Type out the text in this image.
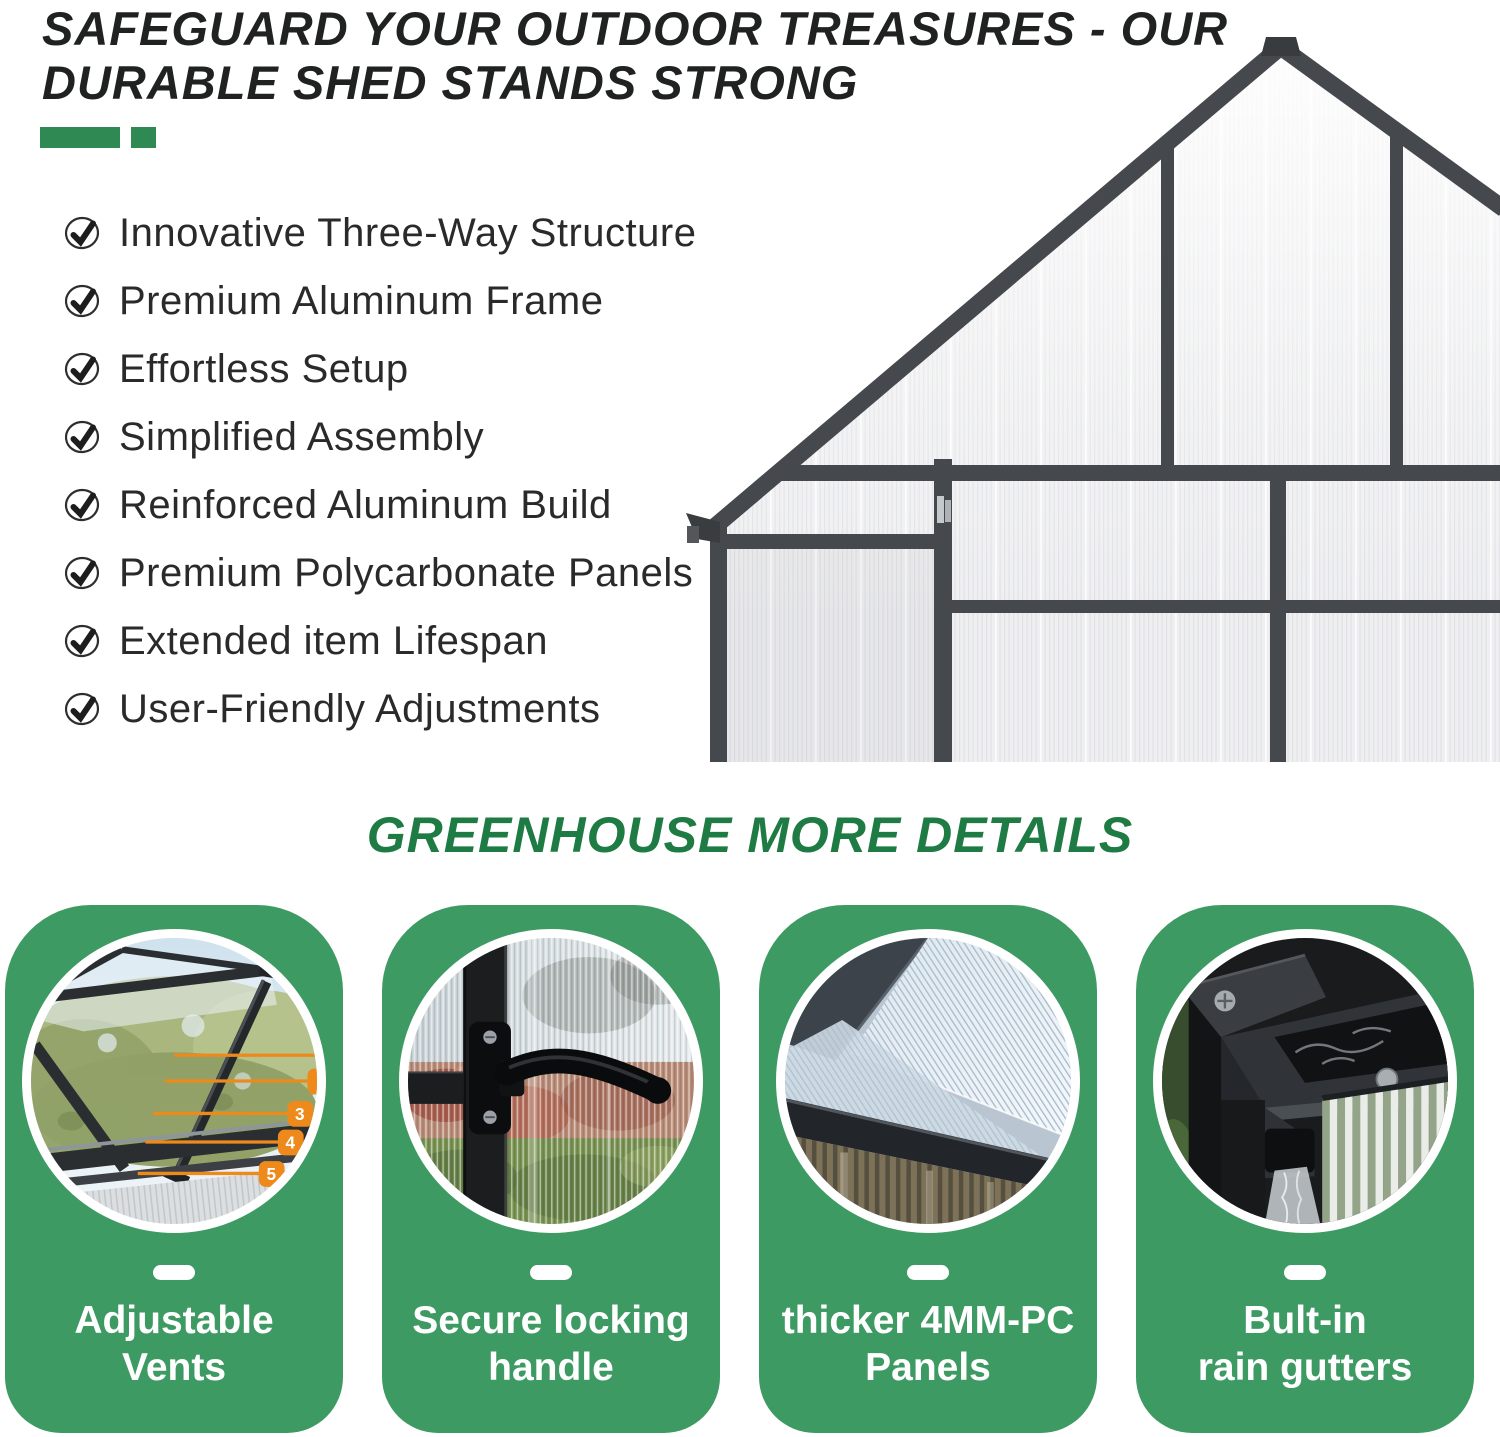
SAFEGUARD YOUR OUTDOOR TREASURES - OUR
DURABLE SHED STANDS STRONG
Innovative Three-Way Structure
Premium Aluminum Frame
Effortless Setup
Simplified Assembly
Reinforced Aluminum Build
Premium Polycarbonate Panels
Extended item Lifespan
User-Friendly Adjustments
GREENHOUSE MORE DETAILS
3
4
5
Adjustable
Vents
Secure locking
handle
thicker 4MM-PC
Panels
Bult-in
rain gutters
